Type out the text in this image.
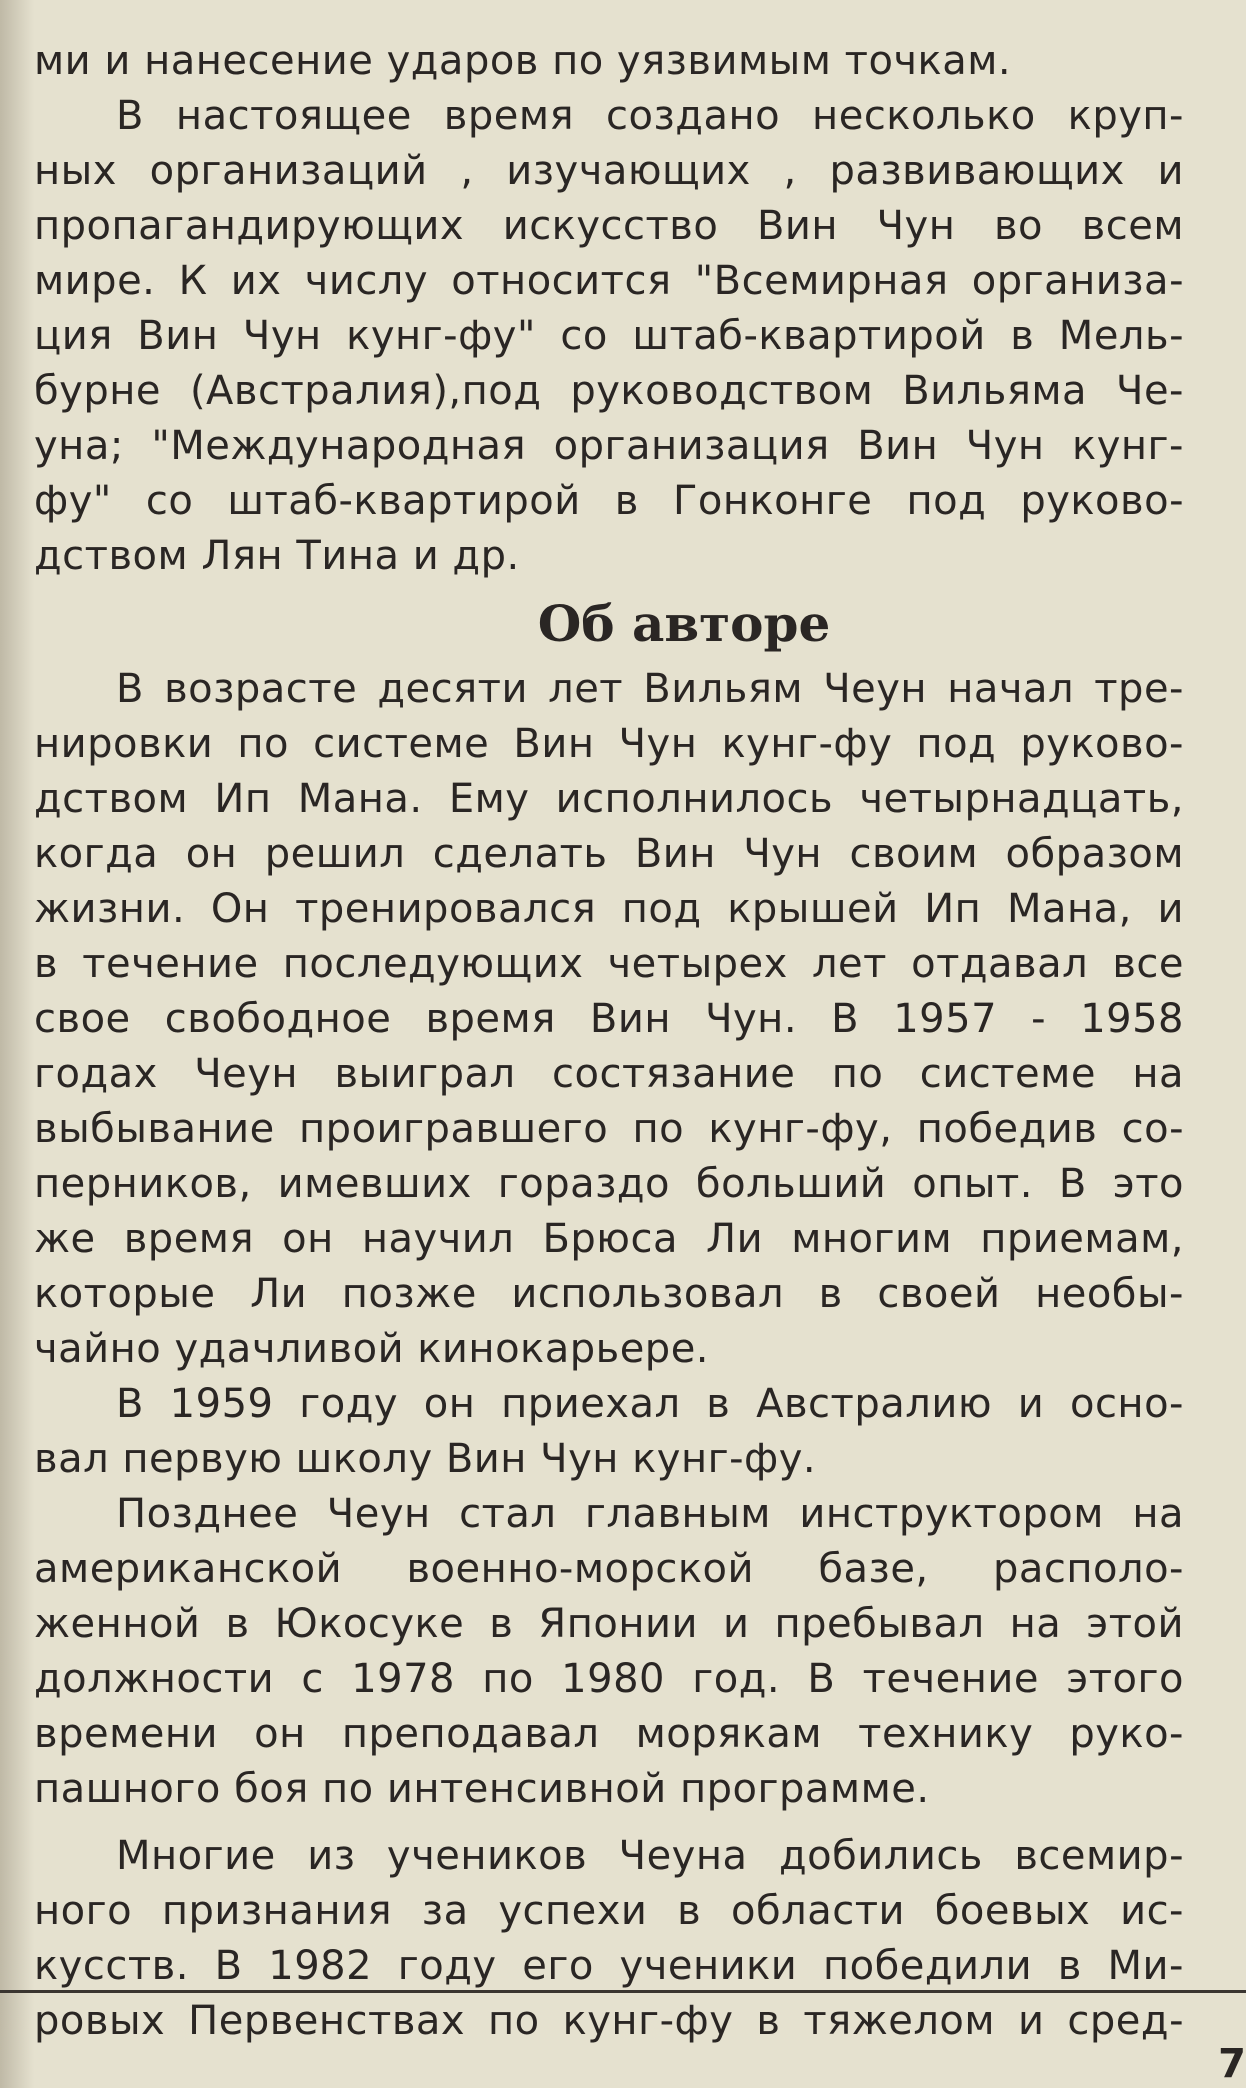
ми и нанесение ударов по уязвимым точкам.
В настоящее время создано несколько круп-
ных организаций , изучающих , развивающих и
пропагандирующих искусство Вин Чун во всем
мире. К их числу относится "Всемирная организа-
ция Вин Чун кунг-фу" со штаб-квартирой в Мель-
бурне (Австралия),под руководством Вильяма Че-
уна; "Международная организация Вин Чун кунг-
фу" со штаб-квартирой в Гонконге под руково-
дством Лян Тина и др.
Об авторе
В возрасте десяти лет Вильям Чеун начал тре-
нировки по системе Вин Чун кунг-фу под руково-
дством Ип Мана. Ему исполнилось четырнадцать,
когда он решил сделать Вин Чун своим образом
жизни. Он тренировался под крышей Ип Мана, и
в течение последующих четырех лет отдавал все
свое свободное время Вин Чун. В 1957 - 1958
годах Чеун выиграл состязание по системе на
выбывание проигравшего по кунг-фу, победив со-
перников, имевших гораздо больший опыт. В это
же время он научил Брюса Ли многим приемам,
которые Ли позже использовал в своей необы-
чайно удачливой кинокарьере.
В 1959 году он приехал в Австралию и осно-
вал первую школу Вин Чун кунг-фу.
Позднее Чеун стал главным инструктором на
американской военно-морской базе, располо-
женной в Юкосуке в Японии и пребывал на этой
должности с 1978 по 1980 год. В течение этого
времени он преподавал морякам технику руко-
пашного боя по интенсивной программе.
Многие из учеников Чеуна добились всемир-
ного признания за успехи в области боевых ис-
кусств. В 1982 году его ученики победили в Ми-
ровых Первенствах по кунг-фу в тяжелом и сред-
7
